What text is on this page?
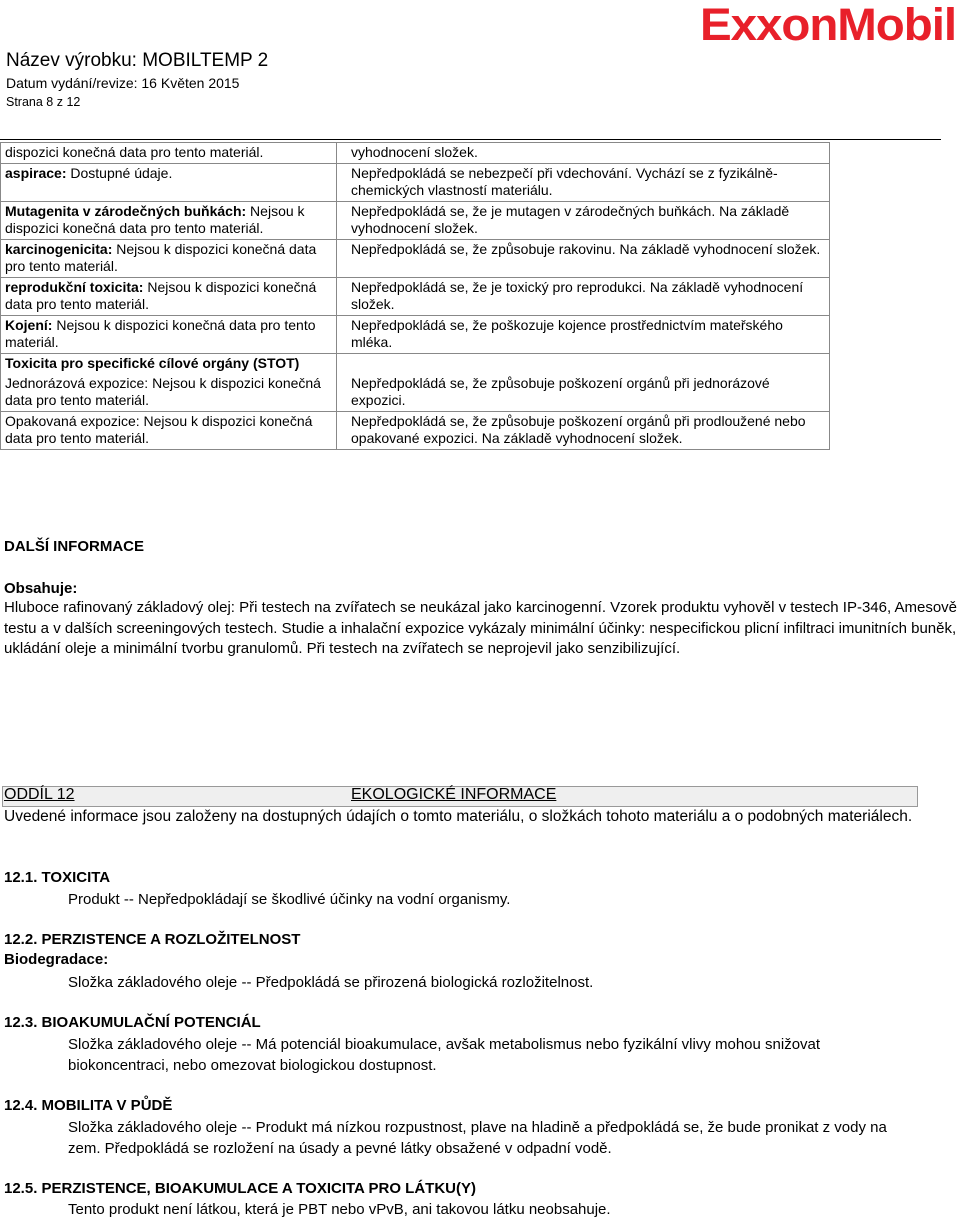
Název výrobku: MOBILTEMP 2
Datum vydání/revize: 16 Květen 2015
Strana 8 z 12
ExxonMobil
dispozici konečná data pro tento materiál.	vyhodnocení složek.
aspirace: Dostupné údaje.	Nepředpokládá se nebezpečí při vdechování. Vychází se z fyzikálně-chemických vlastností materiálu.
Mutagenita v zárodečných buňkách: Nejsou k dispozici konečná data pro tento materiál.	Nepředpokládá se, že je mutagen v zárodečných buňkách. Na základě vyhodnocení složek.
karcinogenicita: Nejsou k dispozici konečná data pro tento materiál.	Nepředpokládá se, že způsobuje rakovinu. Na základě vyhodnocení složek.
reprodukční toxicita: Nejsou k dispozici konečná data pro tento materiál.	Nepředpokládá se, že je toxický pro reprodukci. Na základě vyhodnocení složek.
Kojení: Nejsou k dispozici konečná data pro tento materiál.	Nepředpokládá se, že poškozuje kojence prostřednictvím mateřského mléka.
Toxicita pro specifické cílové orgány (STOT)	
Jednorázová expozice: Nejsou k dispozici konečná data pro tento materiál.	Nepředpokládá se, že způsobuje poškození orgánů při jednorázové expozici.
Opakovaná expozice: Nejsou k dispozici konečná data pro tento materiál.	Nepředpokládá se, že způsobuje poškození orgánů při prodloužené nebo opakované expozici. Na základě vyhodnocení složek.
DALŠÍ INFORMACE
Obsahuje:
Hluboce rafinovaný základový olej: Při testech na zvířatech se neukázal jako karcinogenní. Vzorek produktu vyhověl v testech IP-346, Amesově testu a v dalších screeningových testech. Studie a inhalační expozice vykázaly minimální účinky: nespecifickou plicní infiltraci imunitních buněk, ukládání oleje a minimální tvorbu granulomů. Při testech na zvířatech se neprojevil jako senzibilizující.
ODDÍL 12	EKOLOGICKÉ INFORMACE
Uvedené informace jsou založeny na dostupných údajích o tomto materiálu, o složkách tohoto materiálu a o podobných materiálech.
12.1. TOXICITA
Produkt -- Nepředpokládají se škodlivé účinky na vodní organismy.
12.2. PERZISTENCE A ROZLOŽITELNOST
Biodegradace:
Složka základového oleje -- Předpokládá se přirozená biologická rozložitelnost.
12.3. BIOAKUMULAČNÍ POTENCIÁL
Složka základového oleje -- Má potenciál bioakumulace, avšak metabolismus nebo fyzikální vlivy mohou snižovat biokoncentraci, nebo omezovat biologickou dostupnost.
12.4. MOBILITA V PŮDĚ
Složka základového oleje -- Produkt má nízkou rozpustnost, plave na hladině a předpokládá se, že bude pronikat z vody na zem. Předpokládá se rozložení na úsady a pevné látky obsažené v odpadní vodě.
12.5. PERZISTENCE, BIOAKUMULACE A TOXICITA PRO LÁTKU(Y)
Tento produkt není látkou, která je PBT nebo vPvB, ani takovou látku neobsahuje.
